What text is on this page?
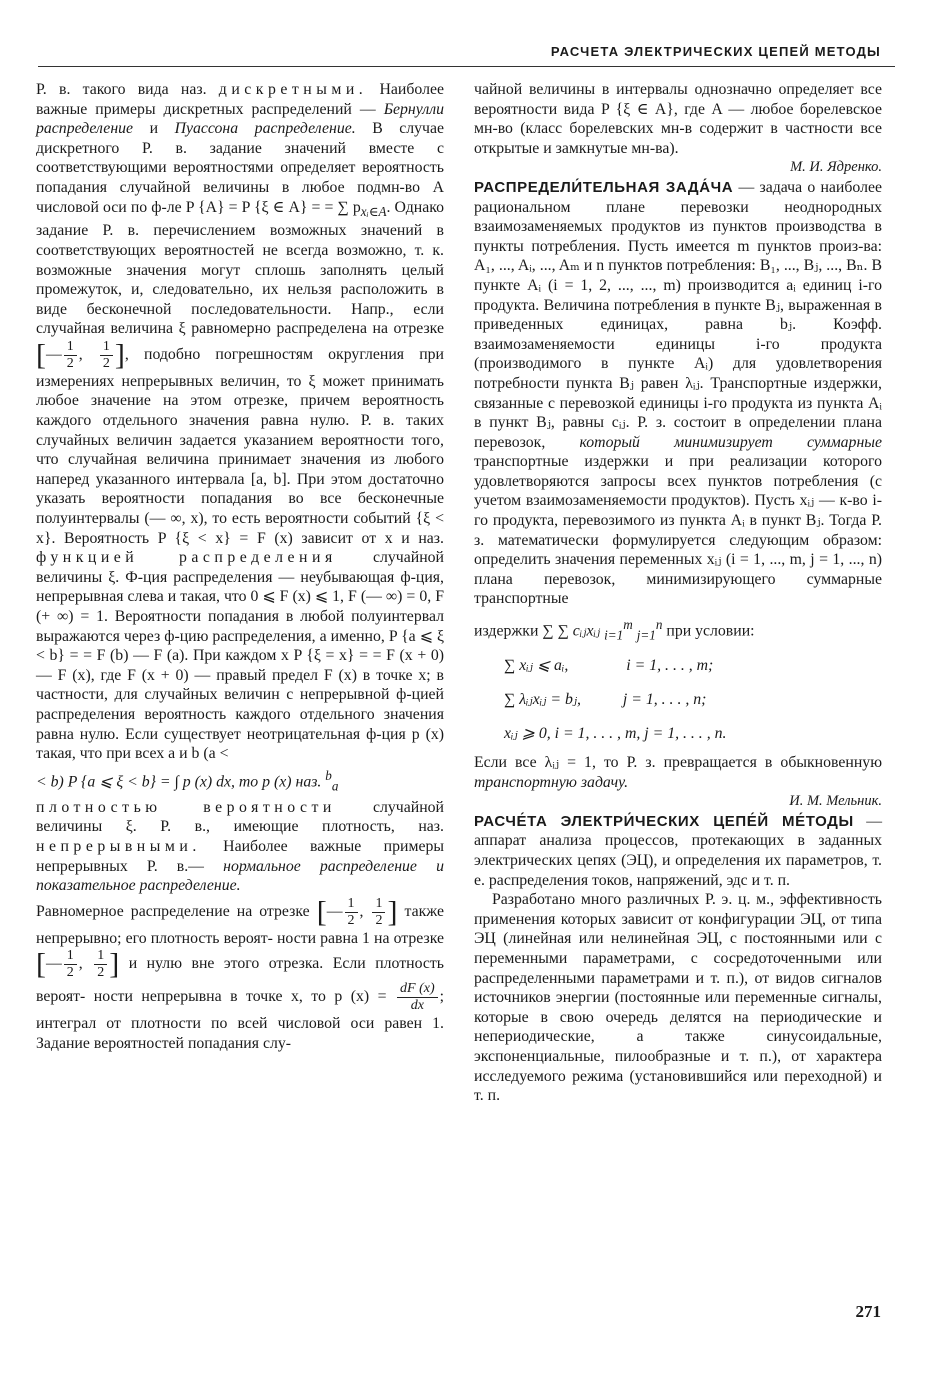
РАСЧЕТА ЭЛЕКТРИЧЕСКИХ ЦЕПЕЙ МЕТОДЫ

Р. в. такого вида наз. дискретными. Наиболее важные примеры дискретных распределений — Бернулли распределение и Пуассона распределение. В случае дискретного Р. в. задание значений вместе с соответствующими вероятностями определяет вероятность попадания случайной величины в любое подмн-во A числовой оси по ф-ле P {A} = P {ξ ∈ A} = = ∑ $p_{xᵢ\in A}$. Однако задание Р. в. перечислением возможных значений в соответствующих вероятностей не всегда возможно, т. к. возможные значения могут сплошь заполнять целый промежуток, и, следовательно, их нельзя расположить в виде бесконечной последовательности. Напр., если случайная величина ξ равномерно распределена на отрезке [— $\frac{1}{2}$ , $\frac{1}{2}$ ], подобно погрешностям округления при измерениях непрерывных величин, то ξ может принимать любое значение на этом отрезке, причем вероятность каждого отдельного значения равна нулю. Р. в. таких случайных величин задается указанием вероятности того, что случайная величина принимает значения из любого наперед указанного интервала [a, b]. При этом достаточно указать вероятности попадания во все бесконечные полуинтервалы (— ∞, x), то есть вероятности событий {ξ < x}. Вероятность P {ξ < x} = F (x) зависит от x и наз. функцией распределения случайной величины ξ. Ф-ция распределения — неубывающая ф-ция, непрерывная слева и такая, что 0 ⩽ F (x) ⩽ 1, F (— ∞) = 0, F (+ ∞) = 1. Вероятности попадания в любой полуинтервал выражаются через ф-цию распределения, а именно, P {a ⩽ ξ < b} = = F (b) — F (a). При каждом x P {ξ = x} = = F (x + 0) — F (x), где F (x + 0) — правый предел F (x) в точке x; в частности, для случайных величин с непрерывной ф-цией распределения вероятность каждого отдельного значения равна нулю. Если существует неотрицательная ф-ция p (x) такая, что при всех a и b (a <

< b) P {a ⩽ ξ < b} = ∫ p (x) dx, то p (x) наз. $^b_a$

плотностью вероятности случайной величины ξ. Р. в., имеющие плотность, наз. непрерывными. Наиболее важные примеры непрерывных Р. в.— нормальное распределение и показательное распределение.

Равномерное распределение на отрезке [— $\frac{1}{2}$ , $\frac{1}{2}$ ] также непрерывно; его плотность вероят- ности равна 1 на отрезке [— $\frac{1}{2}$ , $\frac{1}{2}$ ] и нулю вне этого отрезка. Если плотность вероят- ности непрерывна в точке x, то p $(x) = \frac{dF (x)}{dx}$ ; интеграл от плотности по всей числовой оси равен 1. Задание вероятностей попадания слу-

чайной величины в интервалы однозначно определяет все вероятности вида P {ξ ∈ A}, где A — любое борелевское мн-во (класс борелевских мн-в содержит в частности все открытые и замкнутые мн-ва).

М. И. Ядренко.

РАСПРЕДЕЛИ́ТЕЛЬНАЯ ЗАДА́ЧА — задача о наиболее рациональном плане перевозки неоднородных взаимозаменяемых продуктов из пунктов производства в пункты потребления. Пусть имеется m пунктов произ-ва: A₁, ..., Aᵢ, ..., Aₘ и n пунктов потребления: B₁, ..., Bⱼ, ..., Bₙ. В пункте Aᵢ (i = 1, 2, ..., ..., m) производится aᵢ единиц i-го продукта. Величина потребления в пункте Bⱼ, выраженная в приведенных единицах, равна bⱼ. Коэфф. взаимозаменяемости единицы i-го продукта (производимого в пункте Aᵢ) для удовлетворения потребности пункта Bⱼ равен λᵢⱼ. Транспортные издержки, связанные с перевозкой единицы i-го продукта из пункта Aᵢ в пункт Bⱼ, равны cᵢⱼ. Р. з. состоит в определении плана перевозок, который минимизирует суммарные транспортные издержки и при реализации которого удовлетворяются запросы всех пунктов потребления (с учетом взаимозаменяемости продуктов). Пусть xᵢⱼ — к-во i-го продукта, перевозимого из пункта Aᵢ в пункт Bⱼ. Тогда Р. з. математически формулируется следующим образом: определить значения переменных xᵢⱼ (i = 1, ..., m, j = 1, ..., n) плана перевозок, минимизирующего суммарные транспортные

издержки ∑ ∑ cᵢⱼxᵢⱼ $_{i=1}^m$ $_{j=1}^n$ при условии:

∑ xᵢⱼ ⩽ aᵢ,	i = 1, . . . , m;
∑ λᵢⱼxᵢⱼ = bⱼ,	j = 1, . . . , n;
xᵢⱼ ⩾ 0, i = 1, . . . , m, j = 1, . . . , n.

Если все λᵢⱼ = 1, то Р. з. превращается в обыкновенную транспортную задачу.

И. М. Мельник.

РАСЧЕ́ТА ЭЛЕКТРИ́ЧЕСКИХ ЦЕПЕ́Й МЕ́ТОДЫ — аппарат анализа процессов, протекающих в заданных электрических цепях (ЭЦ), и определения их параметров, т. е. распределения токов, напряжений, эдс и т. п.

Разработано много различных Р. э. ц. м., эффективность применения которых зависит от конфигурации ЭЦ, от типа ЭЦ (линейная или нелинейная ЭЦ, с постоянными или с переменными параметрами, с сосредоточенными или распределенными параметрами и т. п.), от видов сигналов источников энергии (постоянные или переменные сигналы, которые в свою очередь делятся на периодические и непериодические, а также синусоидальные, экспоненциальные, пилообразные и т. п.), от характера исследуемого режима (установившийся или переходной) и т. п.

271
